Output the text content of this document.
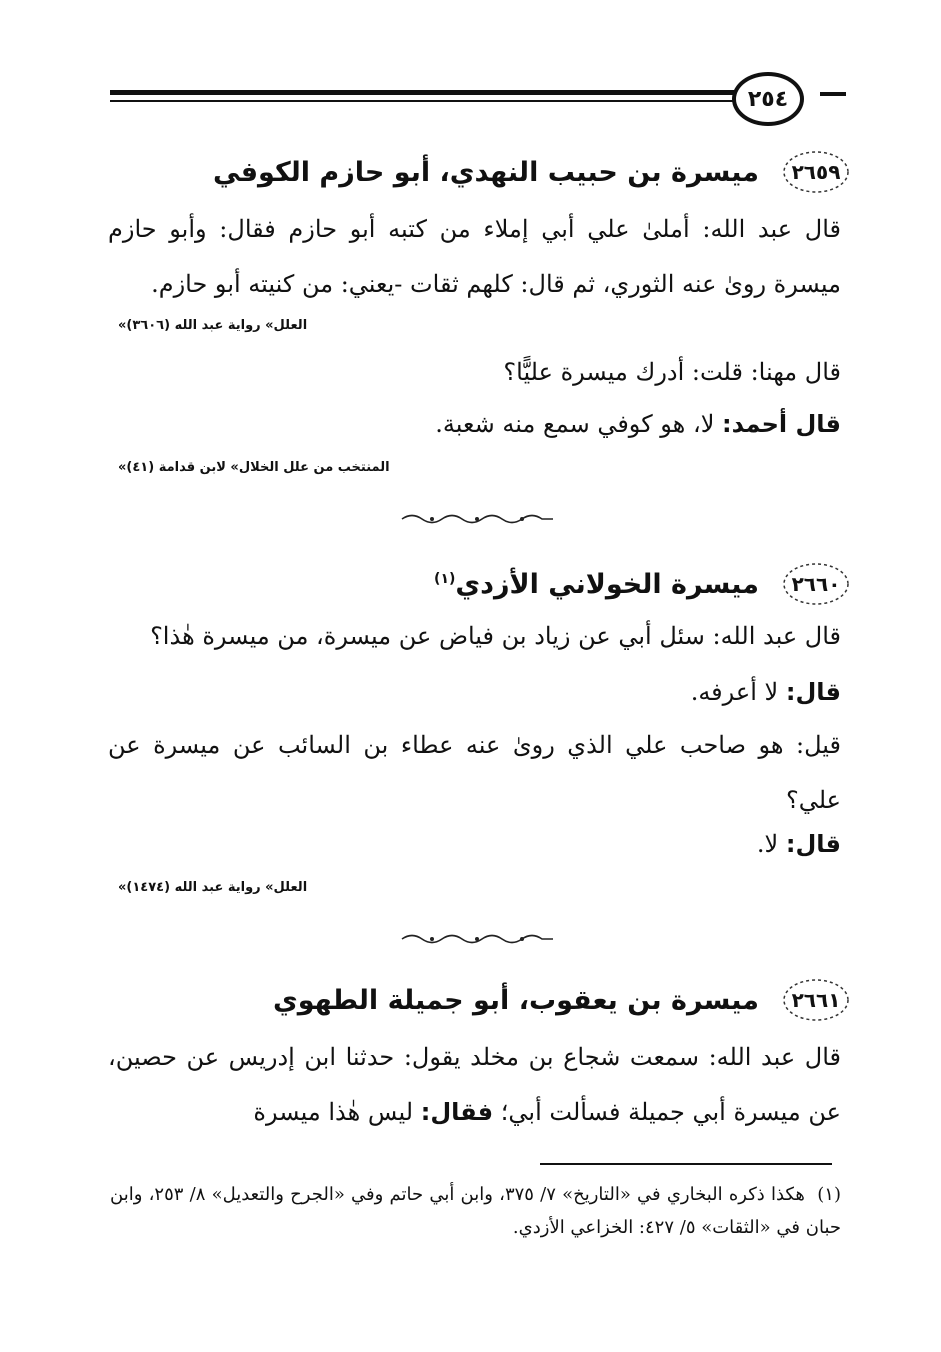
٢٥٤
٢٦٥٩
ميسرة بن حبيب النهدي، أبو حازم الكوفي
قال عبد الله: أملىٰ علي أبي إملاء من كتبه أبو حازم فقال: وأبو حازم ميسرة روىٰ عنه الثوري، ثم قال: كلهم ثقات -يعني: من كنيته أبو حازم.
«العلل» رواية عبد الله (٣٦٠٦)
قال مهنا: قلت: أدرك ميسرة عليًّا؟
قال أحمد: لا، هو كوفي سمع منه شعبة.
«المنتخب من علل الخلال» لابن قدامة (٤١)
٢٦٦٠
ميسرة الخولاني الأزدي$^{(١)}$
قال عبد الله: سئل أبي عن زياد بن فياض عن ميسرة، من ميسرة هٰذا؟
قال: لا أعرفه.
قيل: هو صاحب علي الذي روىٰ عنه عطاء بن السائب عن ميسرة عن علي؟
قال: لا.
«العلل» رواية عبد الله (١٤٧٤)
٢٦٦١
ميسرة بن يعقوب، أبو جميلة الطهوي
قال عبد الله: سمعت شجاع بن مخلد يقول: حدثنا ابن إدريس عن حصين، عن ميسرة أبي جميلة فسألت أبي؛ فقال: ليس هٰذا ميسرة
(١)  هكذا ذكره البخاري في «التاريخ» ٧/ ٣٧٥، وابن أبي حاتم وفي «الجرح والتعديل» ٨/ ٢٥٣، وابن حبان في «الثقات» ٥/ ٤٢٧: الخزاعي الأزدي.
